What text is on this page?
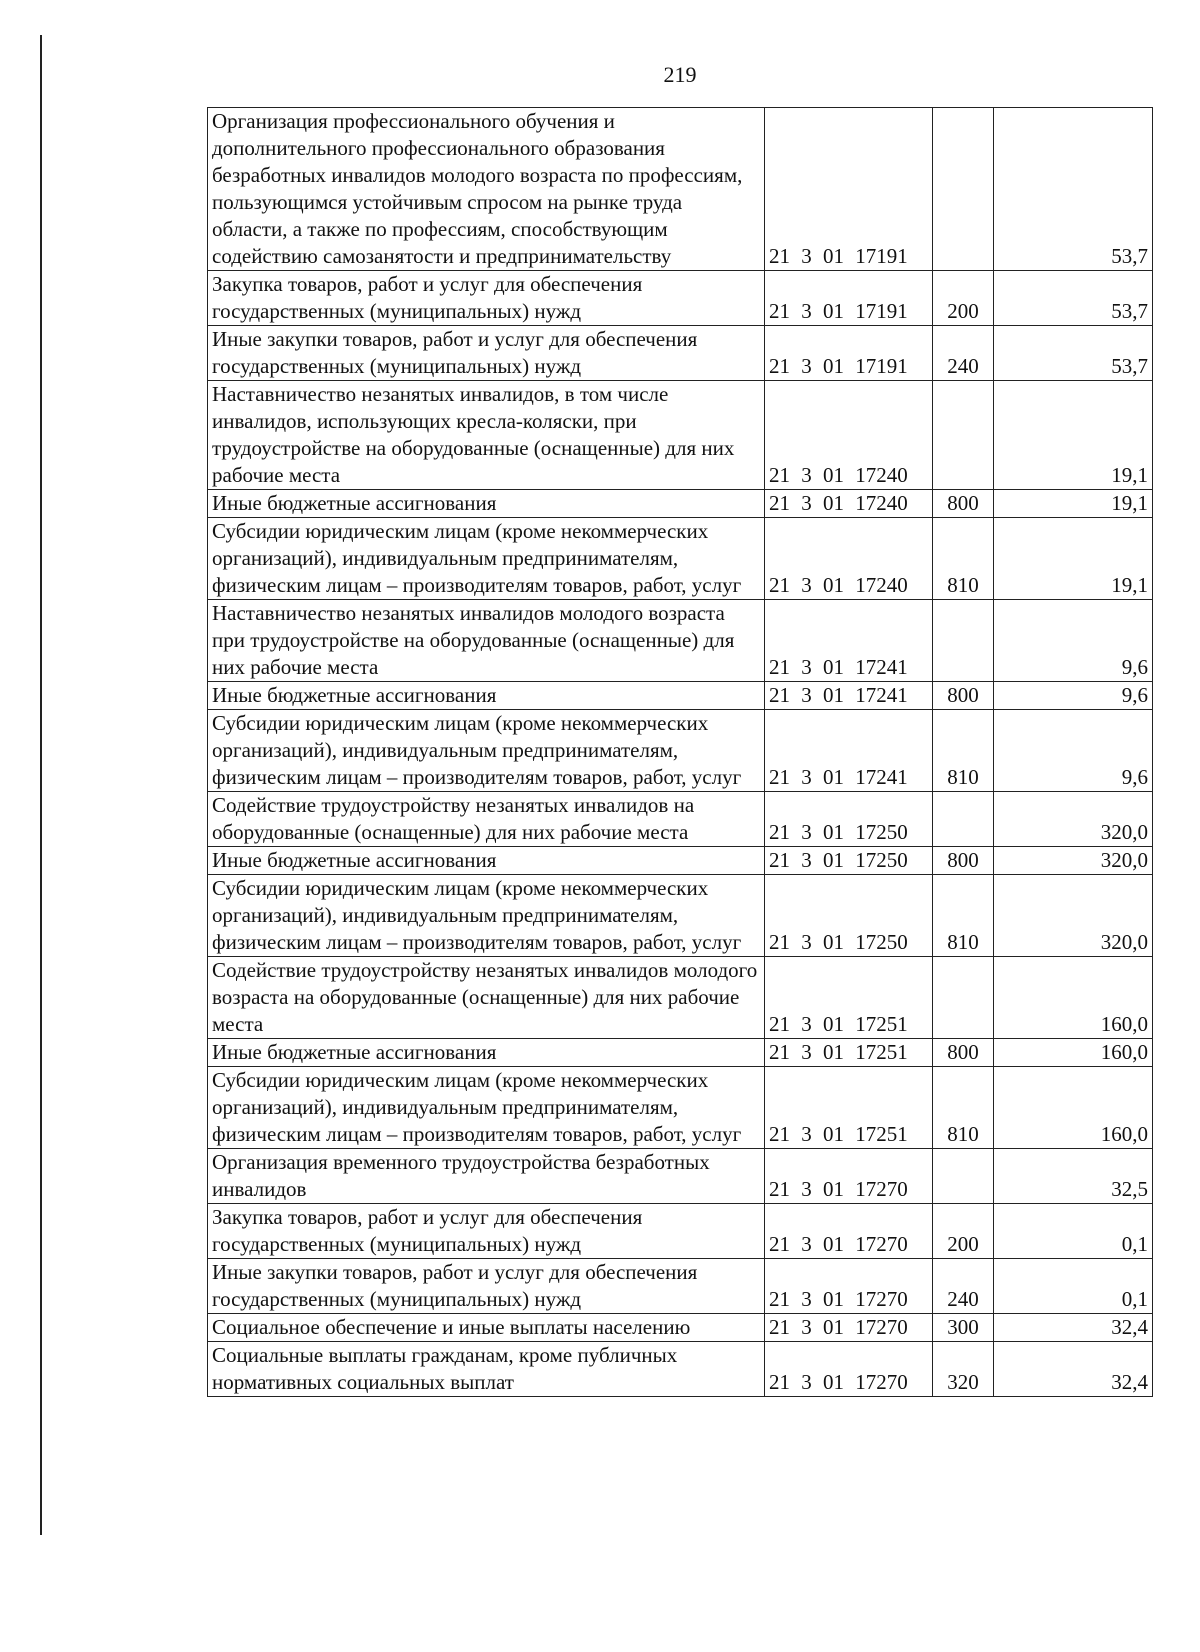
219
Организация профессионального обучения и дополнительного профессионального образования безработных инвалидов молодого возраста по профессиям, пользующимся устойчивым спросом на рынке труда области, а также по профессиям, способствующим содействию самозанятости и предпринимательству	21 3 01 17191		53,7
Закупка товаров, работ и услуг для обеспечения государственных (муниципальных) нужд	21 3 01 17191	200	53,7
Иные закупки товаров, работ и услуг для обеспечения государственных (муниципальных) нужд	21 3 01 17191	240	53,7
Наставничество незанятых инвалидов, в том числе инвалидов, использующих кресла-коляски, при трудоустройстве на оборудованные (оснащенные) для них рабочие места	21 3 01 17240		19,1
Иные бюджетные ассигнования	21 3 01 17240	800	19,1
Субсидии юридическим лицам (кроме некоммерческих организаций), индивидуальным предпринимателям, физическим лицам – производителям товаров, работ, услуг	21 3 01 17240	810	19,1
Наставничество незанятых инвалидов молодого возраста при трудоустройстве на оборудованные (оснащенные) для них рабочие места	21 3 01 17241		9,6
Иные бюджетные ассигнования	21 3 01 17241	800	9,6
Субсидии юридическим лицам (кроме некоммерческих организаций), индивидуальным предпринимателям, физическим лицам – производителям товаров, работ, услуг	21 3 01 17241	810	9,6
Содействие трудоустройству незанятых инвалидов на оборудованные (оснащенные) для них рабочие места	21 3 01 17250		320,0
Иные бюджетные ассигнования	21 3 01 17250	800	320,0
Субсидии юридическим лицам (кроме некоммерческих организаций), индивидуальным предпринимателям, физическим лицам – производителям товаров, работ, услуг	21 3 01 17250	810	320,0
Содействие трудоустройству незанятых инвалидов молодого возраста на оборудованные (оснащенные) для них рабочие места	21 3 01 17251		160,0
Иные бюджетные ассигнования	21 3 01 17251	800	160,0
Субсидии юридическим лицам (кроме некоммерческих организаций), индивидуальным предпринимателям, физическим лицам – производителям товаров, работ, услуг	21 3 01 17251	810	160,0
Организация временного трудоустройства безработных инвалидов	21 3 01 17270		32,5
Закупка товаров, работ и услуг для обеспечения государственных (муниципальных) нужд	21 3 01 17270	200	0,1
Иные закупки товаров, работ и услуг для обеспечения государственных (муниципальных) нужд	21 3 01 17270	240	0,1
Социальное обеспечение и иные выплаты населению	21 3 01 17270	300	32,4
Социальные выплаты гражданам, кроме публичных нормативных социальных выплат	21 3 01 17270	320	32,4
